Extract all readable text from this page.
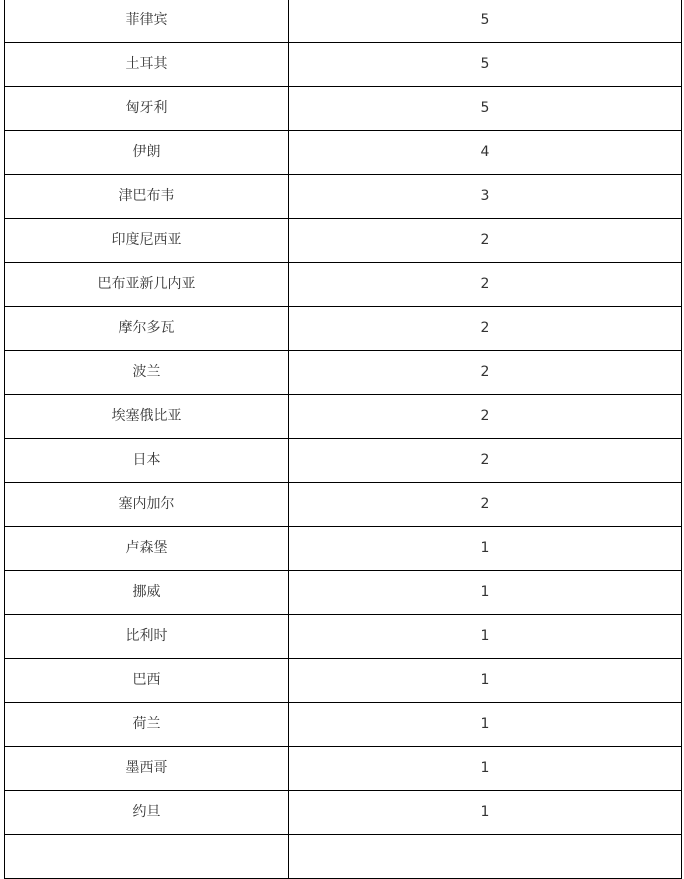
菲律宾	5
土耳其	5
匈牙利	5
伊朗	4
津巴布韦	3
印度尼西亚	2
巴布亚新几内亚	2
摩尔多瓦	2
波兰	2
埃塞俄比亚	2
日本	2
塞内加尔	2
卢森堡	1
挪威	1
比利时	1
巴西	1
荷兰	1
墨西哥	1
约旦	1
